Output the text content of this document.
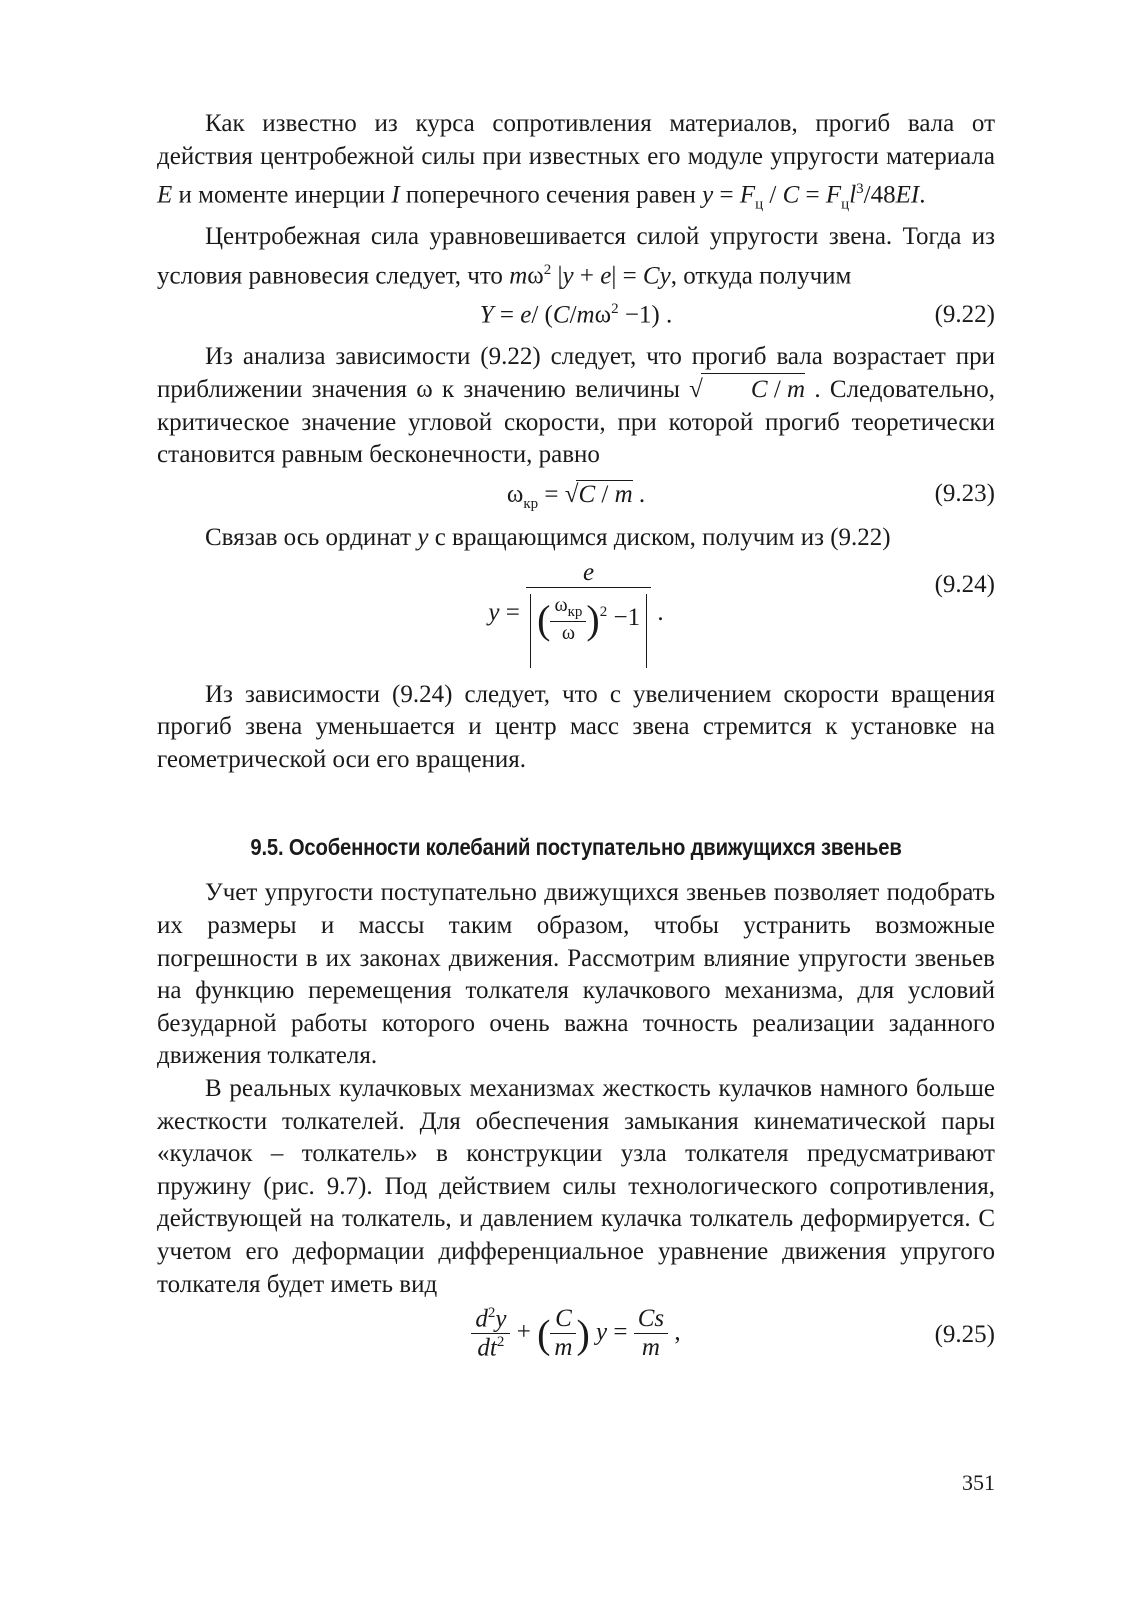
Как известно из курса сопротивления материалов, прогиб вала от действия центробежной силы при известных его модуле упругости материала E и моменте инерции I поперечного сечения равен $y = F_ц / C = F_цl^3/48EI$.

Центробежная сила уравновешивается силой упругости звена. Тогда из условия равновесия следует, что $m\omega^2$ |y + e| = Cy, откуда получим

Y = e/ $(C/m\omega^2 -1)$ .	(9.22)

Из анализа зависимости (9.22) следует, что прогиб вала возрастает при приближении значения ω к значению величины √ C / m . Следовательно, критическое значение угловой скорости, при которой прогиб теоретически становится равным бесконечности, равно

$\omega_{кр} = √C / m$ .	(9.23)

Связав ось ординат y с вращающимся диском, получим из (9.22)

$y = \frac{e}{( \frac{\omega_{кр}}{\omega} )^2 -1}$ .
(9.24)

Из зависимости (9.24) следует, что с увеличением скорости вращения прогиб звена уменьшается и центр масс звена стремится к установке на геометрической оси его вращения.

9.5. Особенности колебаний поступательно движущихся звеньев

Учет упругости поступательно движущихся звеньев позволяет подобрать их размеры и массы таким образом, чтобы устранить возможные погрешности в их законах движения. Рассмотрим влияние упругости звеньев на функцию перемещения толкателя кулачкового механизма, для условий безударной работы которого очень важна точность реализации заданного движения толкателя.

В реальных кулачковых механизмах жесткость кулачков намного больше жесткости толкателей. Для обеспечения замыкания кинематической пары «кулачок – толкатель» в конструкции узла толкателя предусматривают пружину (рис. 9.7). Под действием силы технологического сопротивления, действующей на толкатель, и давлением кулачка толкатель деформируется. С учетом его деформации дифференциальное уравнение движения упругого толкателя будет иметь вид

$\frac{d^2y}{dt^2}$ + ( $\frac{C}{m}$ ) $y = \frac{Cs}{m}$ ,	(9.25)
351
